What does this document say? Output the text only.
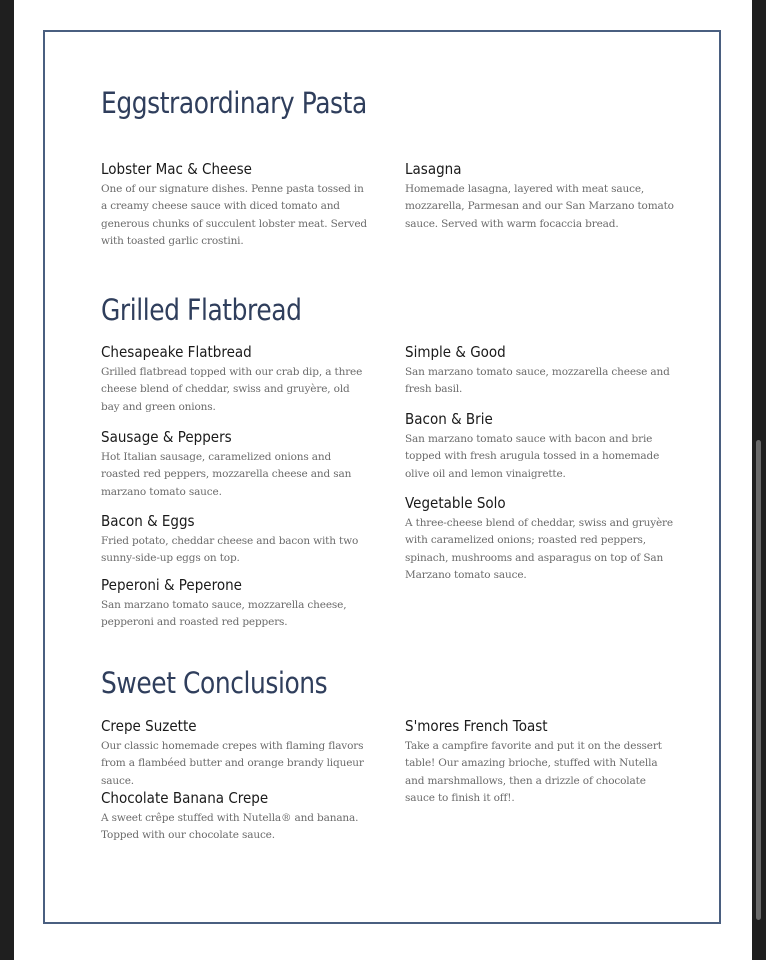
Eggstraordinary Pasta
Lobster Mac & Cheese

One of our signature dishes. Penne pasta tossed in a creamy cheese sauce with diced tomato and generous chunks of succulent lobster meat. Served with toasted garlic crostini.

Lasagna

Homemade lasagna, layered with meat sauce, mozzarella, Parmesan and our San Marzano tomato sauce. Served with warm focaccia bread.

Grilled Flatbread
Chesapeake Flatbread

Grilled flatbread topped with our crab dip, a three cheese blend of cheddar, swiss and gruyère, old bay and green onions.

Sausage & Peppers

Hot Italian sausage, caramelized onions and roasted red peppers, mozzarella cheese and san marzano tomato sauce.

Bacon & Eggs

Fried potato, cheddar cheese and bacon with two sunny-side-up eggs on top.

Peperoni & Peperone

San marzano tomato sauce, mozzarella cheese, pepperoni and roasted red peppers.

Simple & Good

San marzano tomato sauce, mozzarella cheese and fresh basil.

Bacon & Brie

San marzano tomato sauce with bacon and brie topped with fresh arugula tossed in a homemade olive oil and lemon vinaigrette.

Vegetable Solo

A three-cheese blend of cheddar, swiss and gruyère with caramelized onions; roasted red peppers, spinach, mushrooms and asparagus on top of San Marzano tomato sauce.

Sweet Conclusions
Crepe Suzette

Our classic homemade crepes with flaming flavors from a flambéed butter and orange brandy liqueur sauce.

Chocolate Banana Crepe

A sweet crêpe stuffed with Nutella® and banana. Topped with our chocolate sauce.

S'mores French Toast

Take a campfire favorite and put it on the dessert table! Our amazing brioche, stuffed with Nutella and marshmallows, then a drizzle of chocolate sauce to finish it off!.
